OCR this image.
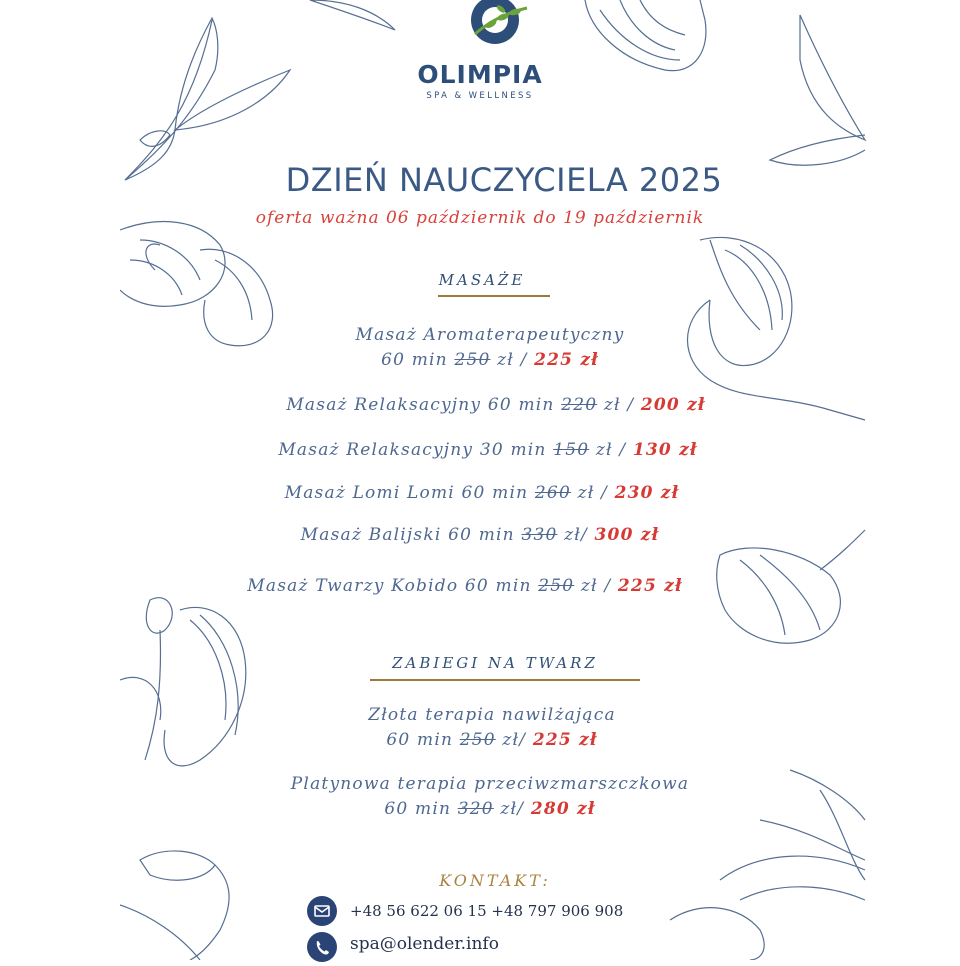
OLIMPIA
SPA & WELLNESS
DZIEŃ NAUCZYCIELA 2025
oferta ważna 06 październik do 19 październik
MASAŻE
Masaż Aromaterapeutyczny
60 min 250 zł / 225 zł
Masaż Relaksacyjny 60 min 220 zł / 200 zł
Masaż Relaksacyjny 30 min 150 zł / 130 zł
Masaż Lomi Lomi 60 min 260 zł / 230 zł
Masaż Balijski 60 min 330 zł/ 300 zł
Masaż Twarzy Kobido 60 min 250 zł / 225 zł
ZABIEGI NA TWARZ
Złota terapia nawilżająca
60 min 250 zł/ 225 zł
Platynowa terapia przeciwzmarszczkowa
60 min 320 zł/ 280 zł
KONTAKT:
+48 56 622 06 15 +48 797 906 908
spa@olender.info
